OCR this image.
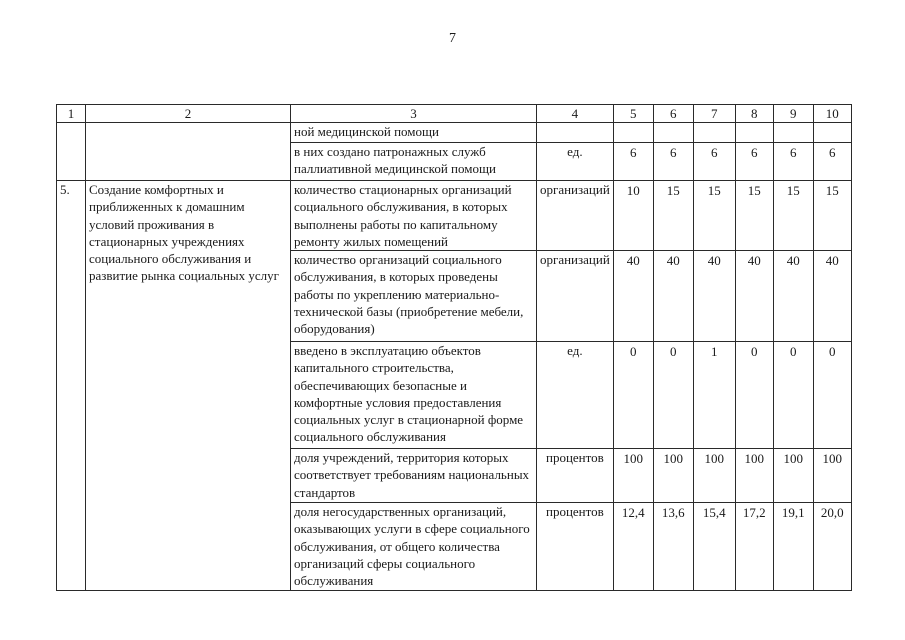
7
1	2	3	4	5	6	7	8	9	10
		ной медицинской помощи							
		в них создано патронажных служб паллиативной медицинской помощи	ед.	6	6	6	6	6	6
5.	Создание комфортных и приближенных к домашним условий проживания в стационарных учреждениях социального обслуживания и развитие рынка социальных услуг	количество стационарных организаций социального обслуживания, в которых выполнены работы по капитальному ремонту жилых помещений	организаций	10	15	15	15	15	15
		количество организаций социального обслуживания, в которых проведены работы по укреплению материально-технической базы (приобретение мебели, оборудования)	организаций	40	40	40	40	40	40
		введено в эксплуатацию объектов капитального строительства, обеспечивающих безопасные и комфортные условия предоставления социальных услуг в стационарной форме социального обслуживания	ед.	0	0	1	0	0	0
		доля учреждений, территория которых соответствует требованиям национальных стандартов	процентов	100	100	100	100	100	100
		доля негосударственных организаций, оказывающих услуги в сфере социального обслуживания, от общего количества организаций сферы социального обслуживания	процентов	12,4	13,6	15,4	17,2	19,1	20,0
